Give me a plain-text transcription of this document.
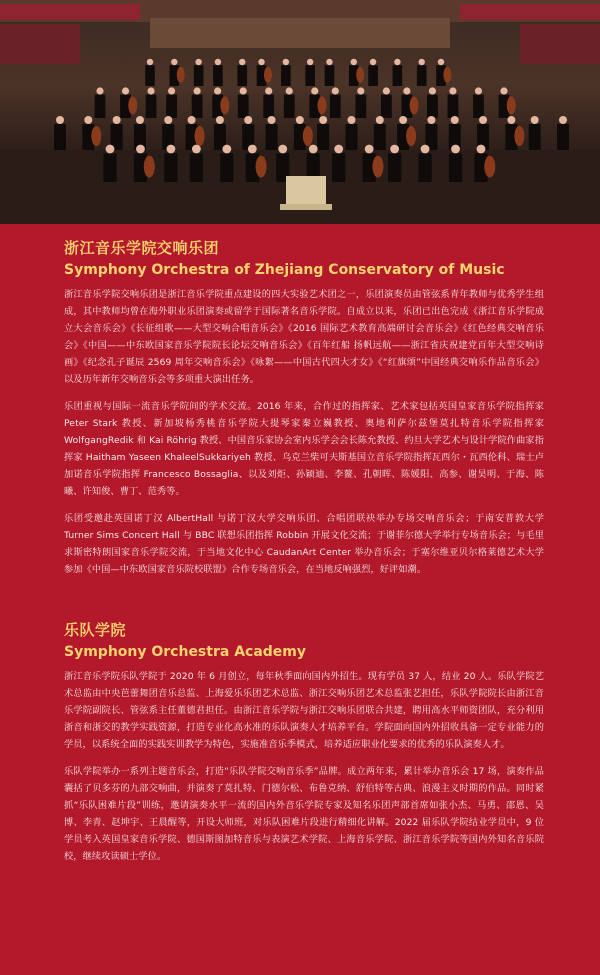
浙江音乐学院交响乐团
Symphony Orchestra of Zhejiang Conservatory of Music

浙江音乐学院交响乐团是浙江音乐学院重点建设的四大实验艺术团之一，乐团演奏员由管弦系青年教师与优秀学生组成，其中教师均曾在海外职业乐团演奏或留学于国际著名音乐学院。自成立以来，乐团已出色完成《浙江音乐学院成立大会音乐会》《长征组歌——大型交响合唱音乐会》《2016 国际艺术教育高端研讨会音乐会》《红色经典交响音乐会》《中国——中东欧国家音乐学院院长论坛交响音乐会》《百年红船 扬帆远航——浙江省庆祝建党百年大型交响诗画》《纪念孔子诞辰 2569 周年交响音乐会》《咏絮——中国古代四大才女》《“红旗颂”中国经典交响乐作品音乐会》以及历年新年交响音乐会等多项重大演出任务。

乐团重视与国际一流音乐学院间的学术交流。2016 年来，合作过的指挥家、艺术家包括英国皇家音乐学院指挥家 Peter Stark 教授、新加坡杨秀桃音乐学院大提琴家秦立巍教授、奥地利萨尔兹堡莫扎特音乐学院指挥家 WolfgangRedik 和 Kai Röhrig 教授、中国音乐家协会室内乐学会会长陈允教授、约旦大学艺术与设计学院作曲家指挥家 Haitham Yaseen KhaleelSukkariyeh 教授、乌克兰柴可夫斯基国立音乐学院指挥瓦西尔・瓦西伦科、瑞士卢加诺音乐学院指挥 Francesco Bossaglia、以及刘炬、孙颖迪、李鳌、孔朝晖、陈媛阳、高参、谢昊明、于海、陈曦、许知俊、曹丁、范秀等。

乐团受邀赴英国诺丁汉 AlbertHall 与诺丁汉大学交响乐团、合唱团联袂举办专场交响音乐会；于南安普敦大学 Turner Sims Concert Hall 与 BBC 联想乐团指挥 Robbin 开展文化交流；于谢菲尔德大学举行专场音乐会；与毛里求斯密特朗国家音乐学院交流，于当地文化中心 CaudanArt Center 举办音乐会；于塞尔维亚贝尔格莱德艺术大学参加《中国—中东欧国家音乐院校联盟》合作专场音乐会，在当地反响强烈，好评如潮。

乐队学院
Symphony Orchestra Academy

浙江音乐学院乐队学院于 2020 年 6 月创立，每年秋季面向国内外招生。现有学员 37 人，结业 20 人。乐队学院艺术总监由中央芭蕾舞团音乐总监、上海爱乐乐团艺术总监、浙江交响乐团艺术总监张艺担任，乐队学院院长由浙江音乐学院副院长、管弦系主任董德君担任。由浙江音乐学院与浙江交响乐团联合共建，聘用高水平师资团队，充分利用浙音和浙交的教学实践资源，打造专业化高水准的乐队演奏人才培养平台。学院面向国内外招收具备一定专业能力的学员，以系统全面的实践实训教学为特色，实施准音乐季模式，培养适应职业化要求的优秀的乐队演奏人才。

乐队学院举办一系列主题音乐会，打造“乐队学院交响音乐季”品牌。成立两年来，累计举办音乐会 17 场，演奏作品囊括了贝多芬的九部交响曲，并演奏了莫扎特、门德尔松、布鲁克纳、舒伯特等古典、浪漫主义时期的作品。同时紧抓“乐队困难片段”训练，邀请演奏水平一流的国内外音乐学院专家及知名乐团声部首席如张小杰、马勇、邵恩、吴博、李青、赵坤宇、王晨醒等，开设大师班，对乐队困难片段进行精细化讲解。2022 届乐队学院结业学员中，9 位学员考入英国皇家音乐学院、德国斯图加特音乐与表演艺术学院、上海音乐学院、浙江音乐学院等国内外知名音乐院校，继续攻读硕士学位。
